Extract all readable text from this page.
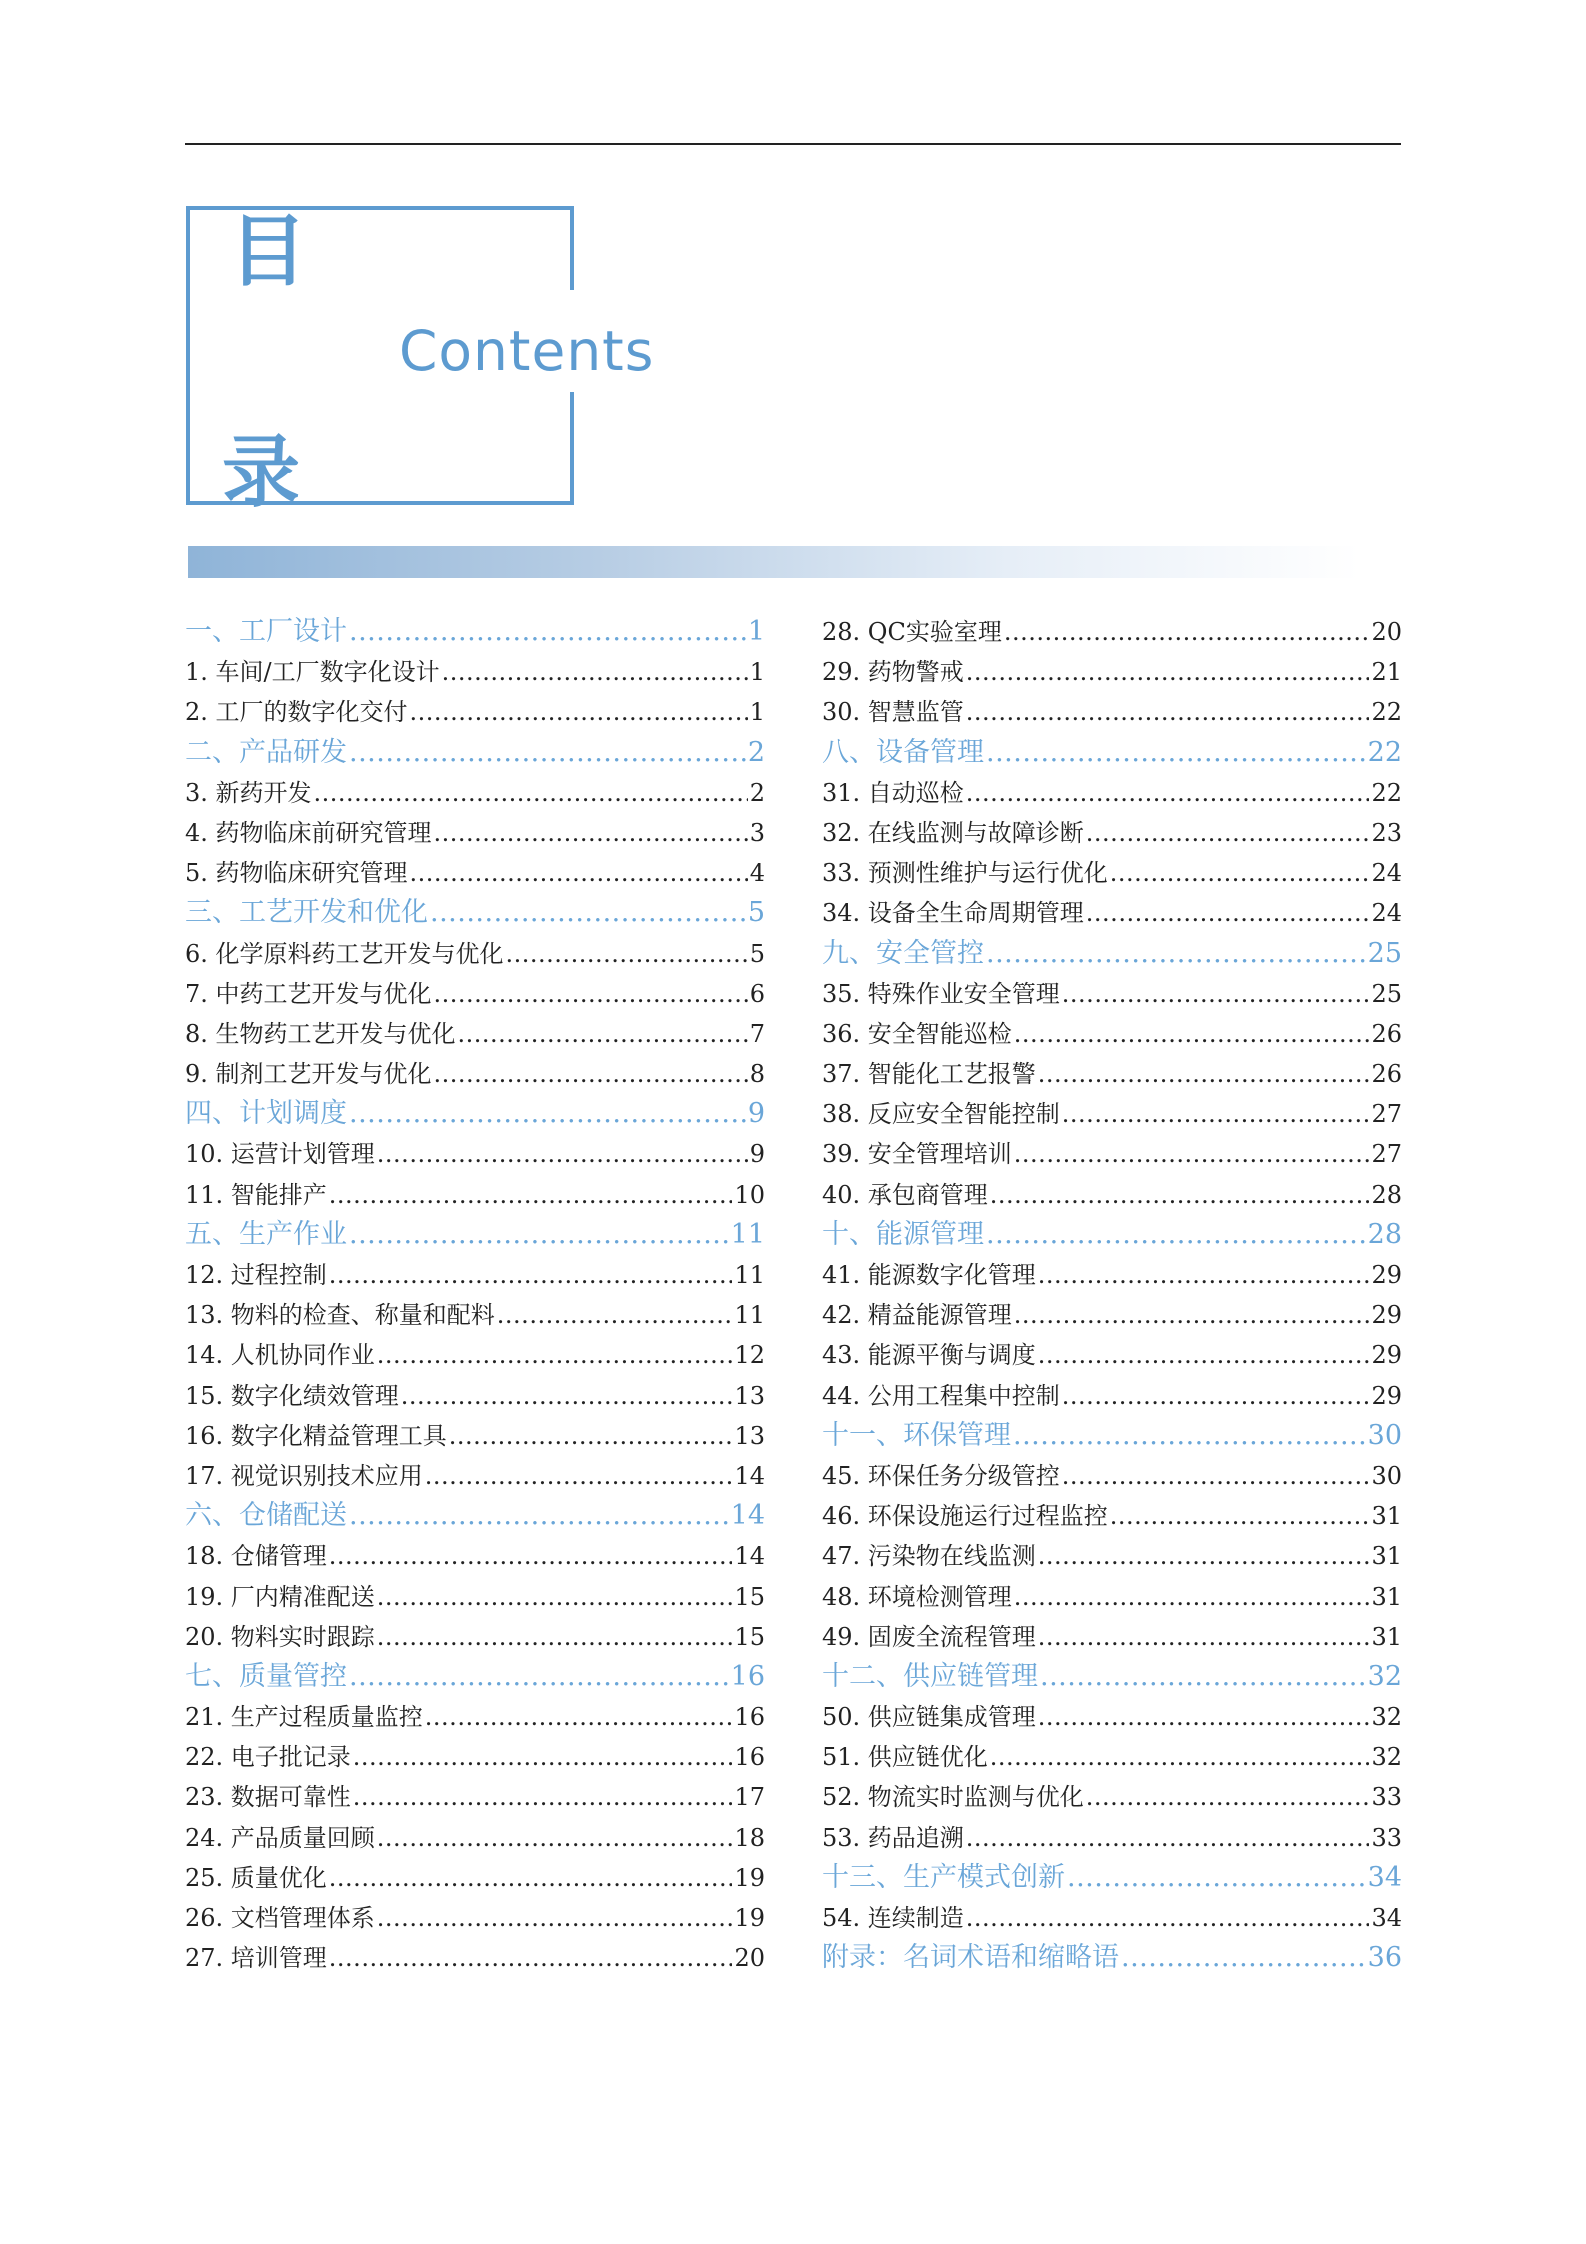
目
录
Contents
一、工厂设计 .....	1
1. 车间/工厂数字化设计 .....	1
2. 工厂的数字化交付 .....	1
二、产品研发 .....	2
3. 新药开发 .....	2
4. 药物临床前研究管理 .....	3
5. 药物临床研究管理 .....	4
三、工艺开发和优化 .....	5
6. 化学原料药工艺开发与优化 .....	5
7. 中药工艺开发与优化 .....	6
8. 生物药工艺开发与优化 .....	7
9. 制剂工艺开发与优化 .....	8
四、计划调度 .....	9
10. 运营计划管理 .....	9
11. 智能排产 .....	10
五、生产作业 .....	11
12. 过程控制 .....	11
13. 物料的检查、称量和配料 .....	11
14. 人机协同作业 .....	12
15. 数字化绩效管理 .....	13
16. 数字化精益管理工具 .....	13
17. 视觉识别技术应用 .....	14
六、仓储配送 .....	14
18. 仓储管理 .....	14
19. 厂内精准配送 .....	15
20. 物料实时跟踪 .....	15
七、质量管控 .....	16
21. 生产过程质量监控 .....	16
22. 电子批记录 .....	16
23. 数据可靠性 .....	17
24. 产品质量回顾 .....	18
25. 质量优化 .....	19
26. 文档管理体系 .....	19
27. 培训管理 .....	20
28. QC实验室理 .....	20
29. 药物警戒 .....	21
30. 智慧监管 .....	22
八、设备管理 .....	22
31. 自动巡检 .....	22
32. 在线监测与故障诊断 .....	23
33. 预测性维护与运行优化 .....	24
34. 设备全生命周期管理 .....	24
九、安全管控 .....	25
35. 特殊作业安全管理 .....	25
36. 安全智能巡检 .....	26
37. 智能化工艺报警 .....	26
38. 反应安全智能控制 .....	27
39. 安全管理培训 .....	27
40. 承包商管理 .....	28
十、能源管理 .....	28
41. 能源数字化管理 .....	29
42. 精益能源管理 .....	29
43. 能源平衡与调度 .....	29
44. 公用工程集中控制 .....	29
十一、环保管理 .....	30
45. 环保任务分级管控 .....	30
46. 环保设施运行过程监控 .....	31
47. 污染物在线监测 .....	31
48. 环境检测管理 .....	31
49. 固废全流程管理 .....	31
十二、供应链管理 .....	32
50. 供应链集成管理 .....	32
51. 供应链优化 .....	32
52. 物流实时监测与优化 .....	33
53. 药品追溯 .....	33
十三、生产模式创新 .....	34
54. 连续制造 .....	34
附录：名词术语和缩略语 .....	36
